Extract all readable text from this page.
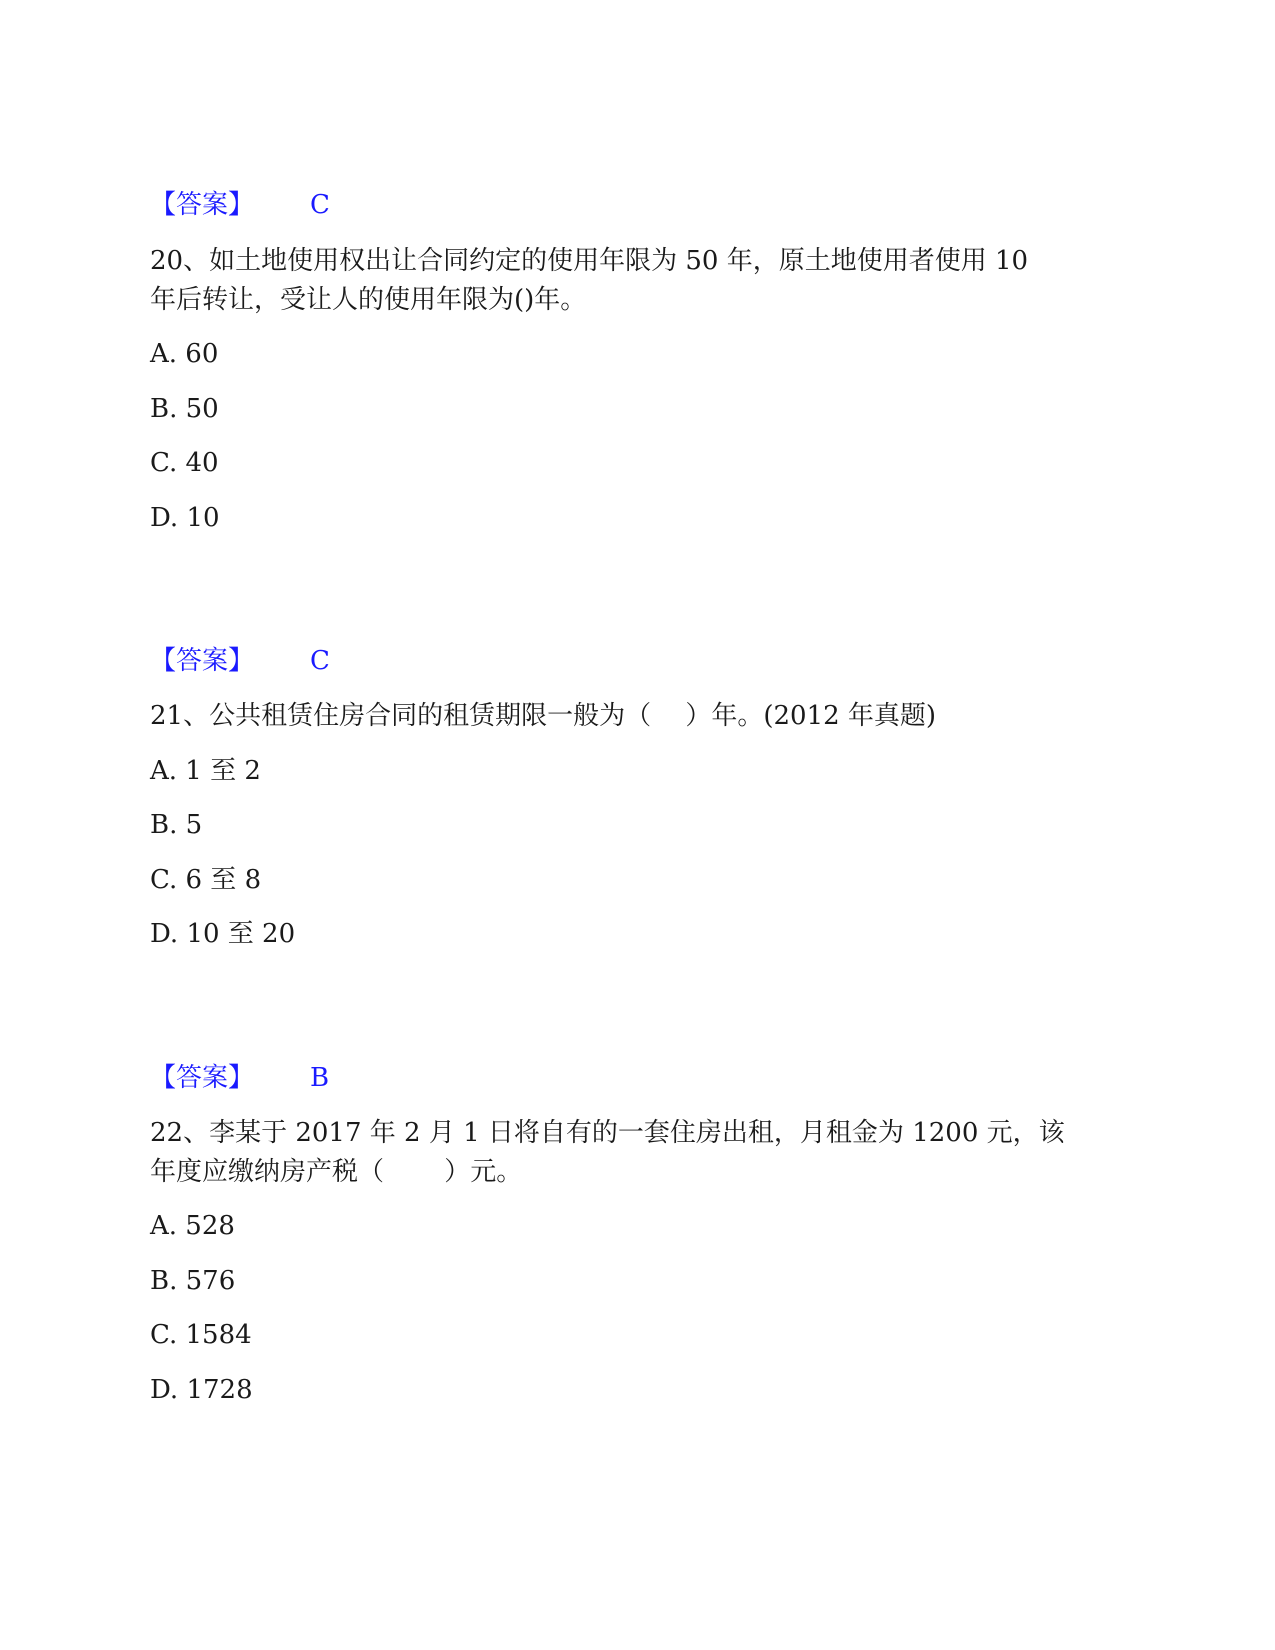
【答案】 C
20、如土地使用权出让合同约定的使用年限为 50 年，原土地使用者使用 10
年后转让，受让人的使用年限为()年。
A. 60
B. 50
C. 40
D. 10
【答案】 C
21、公共租赁住房合同的租赁期限一般为（　 ）年。(2012 年真题)
A. 1 至 2
B. 5
C. 6 至 8
D. 10 至 20
【答案】 B
22、李某于 2017 年 2 月 1 日将自有的一套住房出租，月租金为 1200 元，该
年度应缴纳房产税（　　 ）元。
A. 528
B. 576
C. 1584
D. 1728
